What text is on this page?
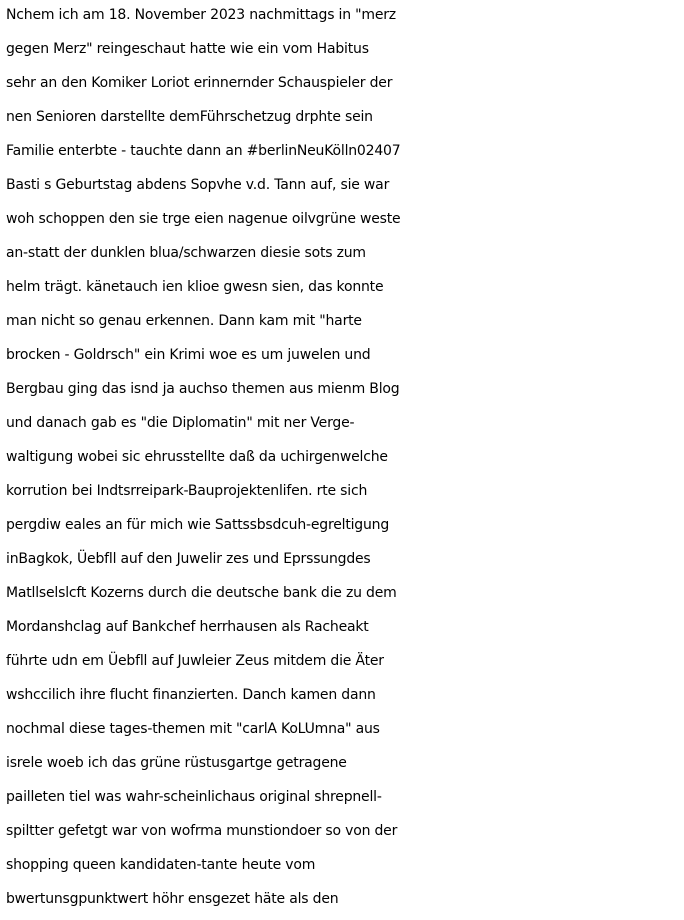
Nchem ich am 18. November 2023 nachmittags in "merz
gegen Merz" reingeschaut hatte wie ein vom Habitus
sehr an den Komiker Loriot erinnernder Schauspieler der
nen Senioren darstellte demFührschetzug drphte sein
Familie enterbte - tauchte dann an #berlinNeuKölln02407
Basti s Geburtstag abdens Sopvhe v.d. Tann auf, sie war
woh schoppen den sie trge eien nagenue oilvgrüne weste
an-statt der dunklen blua/schwarzen diesie sots zum
helm trägt. känetauch ien klioe gwesn sien, das konnte
man nicht so genau erkennen. Dann kam mit "harte
brocken - Goldrsch" ein Krimi woe es um juwelen und
Bergbau ging das isnd ja auchso themen aus mienm Blog
und danach gab es "die Diplomatin" mit ner Verge-
waltigung wobei sic ehrusstellte daß da uchirgenwelche
korrution bei Indtsrreipark-Bauprojektenlifen. rte sich
pergdiw eales an für mich wie Sattssbsdcuh-egreltigung
inBagkok, Üebfll auf den Juwelir zes und Eprssungdes
Matllselslcft Kozerns durch die deutsche bank die zu dem
Mordanshclag auf Bankchef herrhausen als Racheakt
führte udn em Üebfll auf Juwleier Zeus mitdem die Äter
wshccilich ihre flucht finanzierten. Danch kamen dann
nochmal diese tages-themen mit "carlA KoLUmna" aus
isrele woeb ich das grüne rüstusgartge getragene
pailleten tiel was wahr-scheinlichaus original shrepnell-
spiltter gefetgt war von wofrma munstiondoer so von der
shopping queen kandidaten-tante heute vom
bwertunsgpunktwert höhr ensgezet häte als den
